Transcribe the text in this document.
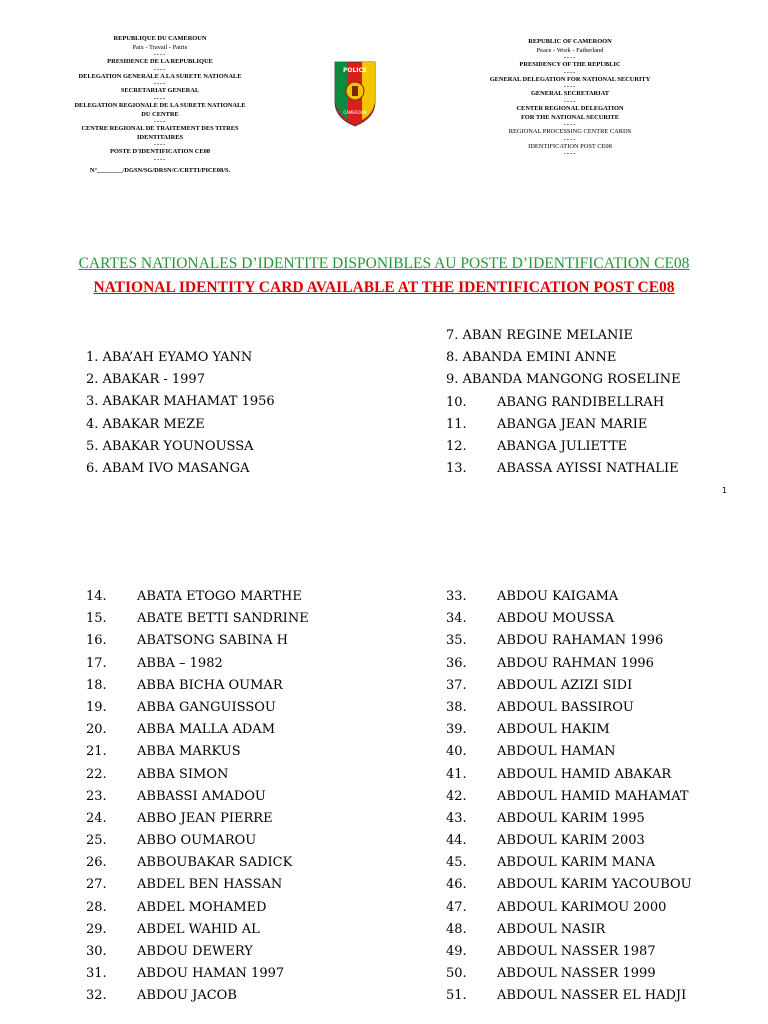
REPUBLIQUE DU CAMEROUN
Paix - Travail - Patrie
----
PRESIDENCE DE LA REPUBLIQUE
----
DELEGATION GENERALE A LA SURETE NATIONALE
----
SECRETARIAT GENERAL
----
DELEGATION REGIONALE DE LA SURETE NATIONALE
DU CENTRE
----
CENTRE REGIONAL DE TRAITEMENT DES TITRES
IDENTITAIRES
----
POSTE D'IDENTIFICATION CE08
----
N°________/DGSN/SG/DRSN/C/CRTTI/PICE08/S.
POLICE
CAMEROUN
REPUBLIC OF CAMEROON
Peace - Work - Fatherland
----
PRESIDENCY OF THE REPUBLIC
----
GENERAL DELEGATION FOR NATIONAL SECURITY
----
GENERAL SECRETARIAT
----
CENTER REGIONAL DELEGATION
FOR THE NATIONAL SECURITE
----
REGIONAL PROCESSING CENTRE CARDS
----
IDENTIFICATION POST CE08
----
CARTES NATIONALES D’IDENTITE DISPONIBLES AU POSTE D’IDENTIFICATION CE08
NATIONAL IDENTITY CARD AVAILABLE AT THE IDENTIFICATION POST CE08
1. ABA’AH EYAMO YANN
2. ABAKAR - 1997
3. ABAKAR MAHAMAT 1956
4. ABAKAR MEZE
5. ABAKAR YOUNOUSSA
6. ABAM IVO MASANGA
7. ABAN REGINE MELANIE
8. ABANDA EMINI ANNE
9. ABANDA MANGONG ROSELINE
10. ABANG RANDIBELLRAH
11. ABANGA JEAN MARIE
12. ABANGA JULIETTE
13. ABASSA AYISSI NATHALIE
14. ABATA ETOGO MARTHE
15. ABATE BETTI SANDRINE
16. ABATSONG SABINA H
17. ABBA – 1982
18. ABBA BICHA OUMAR
19. ABBA GANGUISSOU
20. ABBA MALLA ADAM
21. ABBA MARKUS
22. ABBA SIMON
23. ABBASSI AMADOU
24. ABBO JEAN PIERRE
25. ABBO OUMAROU
26. ABBOUBAKAR SADICK
27. ABDEL BEN HASSAN
28. ABDEL MOHAMED
29. ABDEL WAHID AL
30. ABDOU DEWERY
31. ABDOU HAMAN 1997
32. ABDOU JACOB
33. ABDOU KAIGAMA
34. ABDOU MOUSSA
35. ABDOU RAHAMAN 1996
36. ABDOU RAHMAN 1996
37. ABDOUL AZIZI SIDI
38. ABDOUL BASSIROU
39. ABDOUL HAKIM
40. ABDOUL HAMAN
41. ABDOUL HAMID ABAKAR
42. ABDOUL HAMID MAHAMAT
43. ABDOUL KARIM 1995
44. ABDOUL KARIM 2003
45. ABDOUL KARIM MANA
46. ABDOUL KARIM YACOUBOU
47. ABDOUL KARIMOU 2000
48. ABDOUL NASIR
49. ABDOUL NASSER 1987
50. ABDOUL NASSER 1999
51. ABDOUL NASSER EL HADJI
1
